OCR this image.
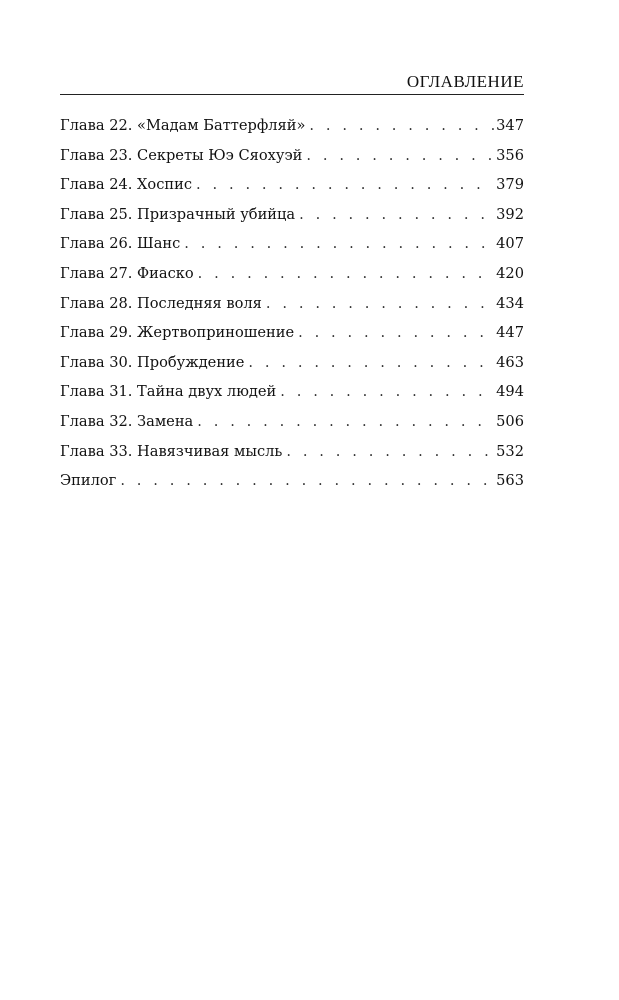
ОГЛАВЛЕНИЕ
Глава 22. «Мадам Баттерфляй» . . .	347
Глава 23. Секреты Юэ Сяохуэй . . .	356
Глава 24. Хоспис . . .	379
Глава 25. Призрачный убийца . . .	392
Глава 26. Шанс . . .	407
Глава 27. Фиаско . . .	420
Глава 28. Последняя воля . . .	434
Глава 29. Жертвоприношение . . .	447
Глава 30. Пробуждение . . .	463
Глава 31. Тайна двух людей . . .	494
Глава 32. Замена . . .	506
Глава 33. Навязчивая мысль . . .	532
Эпилог . . .	563
